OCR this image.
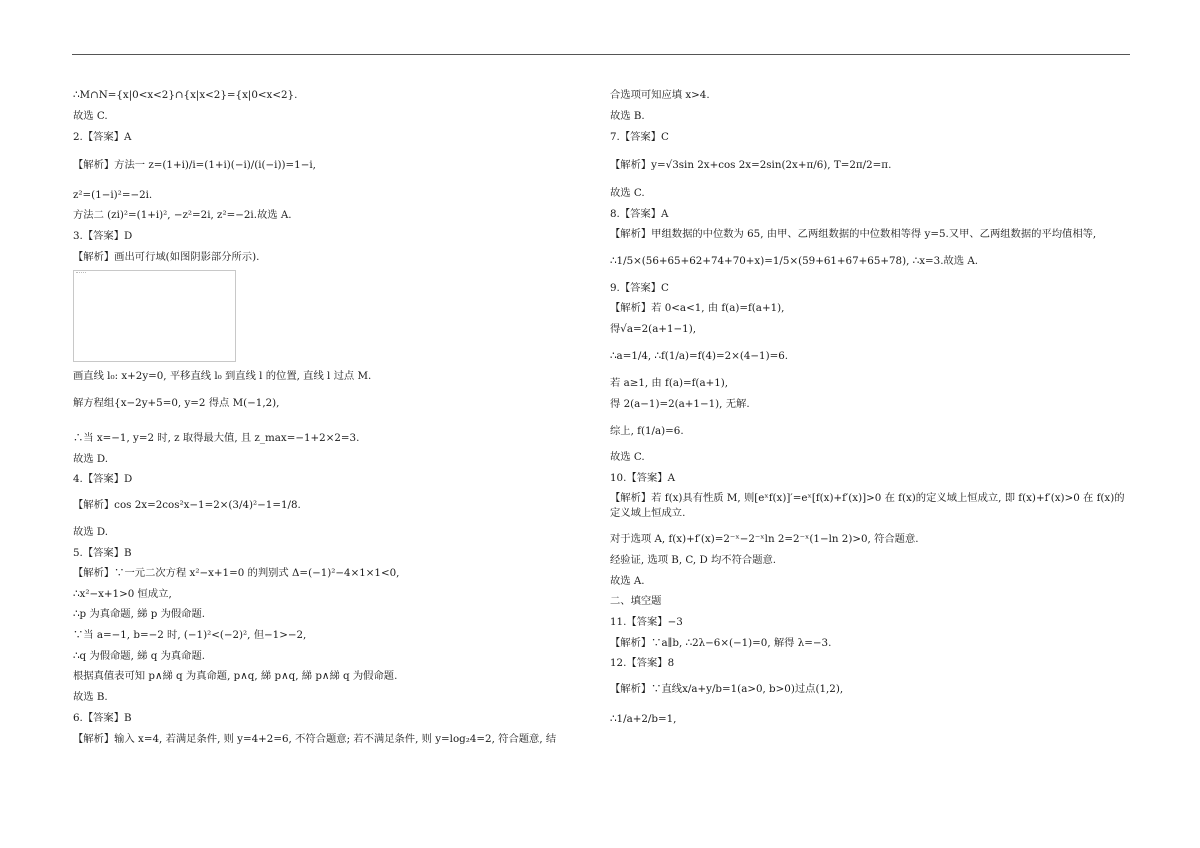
∴M∩N={x|0<x<2}∩{x|x<2}={x|0<x<2}.
故选 C.
2.【答案】A
【解析】方法一 z=(1+i)/i=(1+i)(−i)/(i(−i))=1−i,
z²=(1−i)²=−2i.
方法二 (zi)²=(1+i)², −z²=2i, z²=−2i.故选 A.
3.【答案】D
【解析】画出可行域(如图阴影部分所示).
画直线 l₀: x+2y=0, 平移直线 l₀ 到直线 l 的位置, 直线 l 过点 M.
解方程组{x−2y+5=0, y=2 得点 M(−1,2),
∴当 x=−1, y=2 时, z 取得最大值, 且 z_max=−1+2×2=3.
故选 D.
4.【答案】D
【解析】cos 2x=2cos²x−1=2×(3/4)²−1=1/8.
故选 D.
5.【答案】B
【解析】∵一元二次方程 x²−x+1=0 的判别式 Δ=(−1)²−4×1×1<0,
∴x²−x+1>0 恒成立,
∴p 为真命题, 綈 p 为假命题.
∵当 a=−1, b=−2 时, (−1)²<(−2)², 但−1>−2,
∴q 为假命题, 綈 q 为真命题.
根据真值表可知 p∧綈 q 为真命题, p∧q, 綈 p∧q, 綈 p∧綈 q 为假命题.
故选 B.
6.【答案】B
【解析】输入 x=4, 若满足条件, 则 y=4+2=6, 不符合题意; 若不满足条件, 则 y=log₂4=2, 符合题意, 结
合选项可知应填 x>4.
故选 B.
7.【答案】C
【解析】y=√3sin 2x+cos 2x=2sin(2x+π/6), T=2π/2=π.
故选 C.
8.【答案】A
【解析】甲组数据的中位数为 65, 由甲、乙两组数据的中位数相等得 y=5.又甲、乙两组数据的平均值相等,
∴1/5×(56+65+62+74+70+x)=1/5×(59+61+67+65+78), ∴x=3.故选 A.
9.【答案】C
【解析】若 0<a<1, 由 f(a)=f(a+1),
得√a=2(a+1−1),
∴a=1/4, ∴f(1/a)=f(4)=2×(4−1)=6.
若 a≥1, 由 f(a)=f(a+1),
得 2(a−1)=2(a+1−1), 无解.
综上, f(1/a)=6.
故选 C.
10.【答案】A
【解析】若 f(x)具有性质 M, 则[eˣf(x)]′=eˣ[f(x)+f′(x)]>0 在 f(x)的定义域上恒成立, 即 f(x)+f′(x)>0 在 f(x)的定义域上恒成立.
对于选项 A, f(x)+f′(x)=2⁻ˣ−2⁻ˣln 2=2⁻ˣ(1−ln 2)>0, 符合题意.
经验证, 选项 B, C, D 均不符合题意.
故选 A.
二、填空题
11.【答案】−3
【解析】∵a∥b, ∴2λ−6×(−1)=0, 解得 λ=−3.
12.【答案】8
【解析】∵直线x/a+y/b=1(a>0, b>0)过点(1,2),
∴1/a+2/b=1,
